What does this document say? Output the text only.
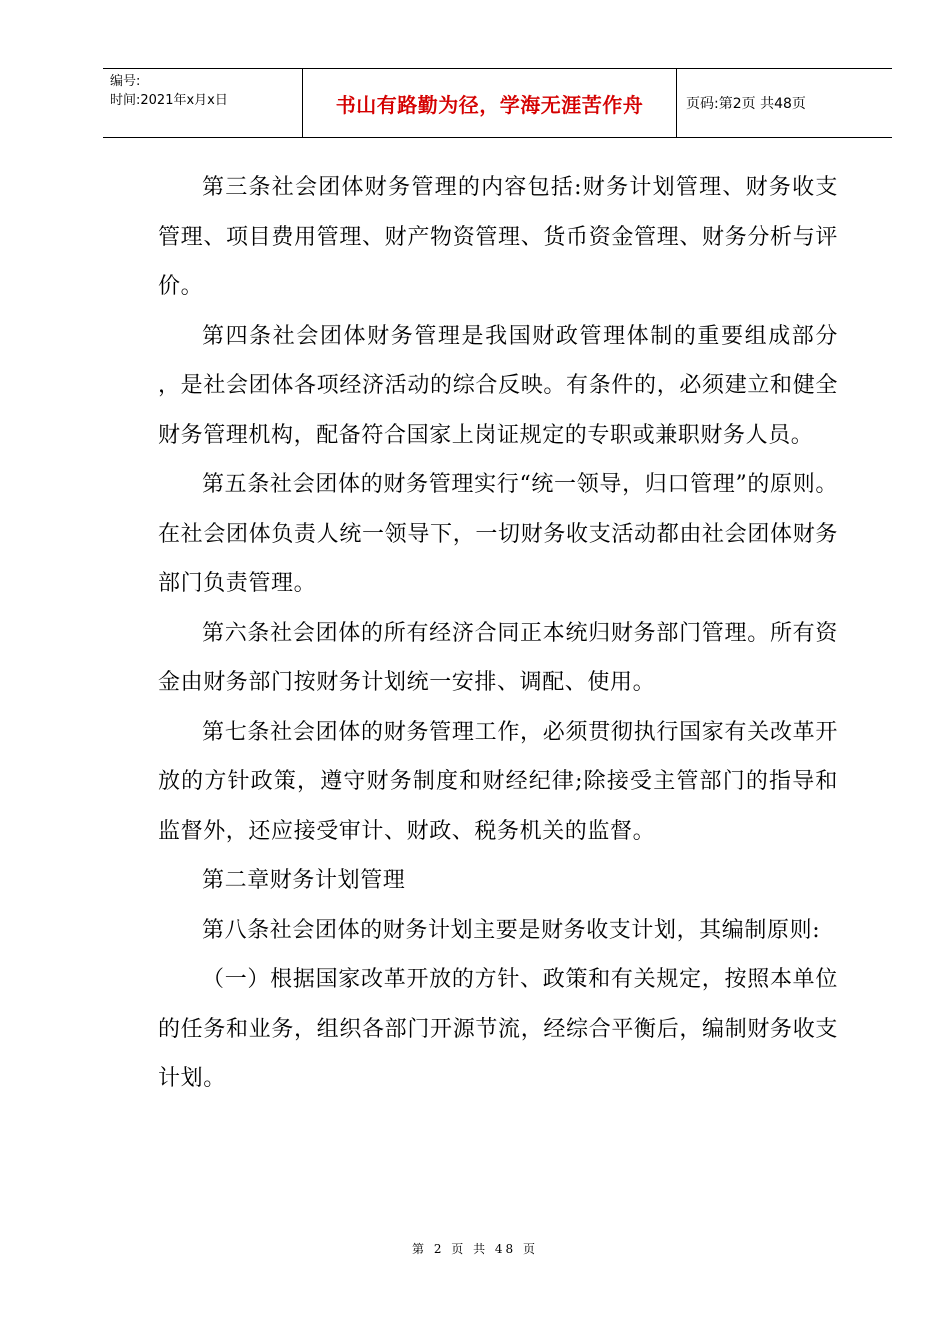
编号:
时间:2021年x月x日	书山有路勤为径，学海无涯苦作舟	页码:第2页 共48页

第三条社会团体财务管理的内容包括:财务计划管理、财务收支管理、项目费用管理、财产物资管理、货币资金管理、财务分析与评价。

第四条社会团体财务管理是我国财政管理体制的重要组成部分 ，是社会团体各项经济活动的综合反映。有条件的，必须建立和健全财务管理机构，配备符合国家上岗证规定的专职或兼职财务人员。

第五条社会团体的财务管理实行“统一领导，归口管理”的原则。在社会团体负责人统一领导下，一切财务收支活动都由社会团体财务部门负责管理。

第六条社会团体的所有经济合同正本统归财务部门管理。所有资金由财务部门按财务计划统一安排、调配、使用。

第七条社会团体的财务管理工作，必须贯彻执行国家有关改革开放的方针政策，遵守财务制度和财经纪律;除接受主管部门的指导和监督外，还应接受审计、财政、税务机关的监督。

第二章财务计划管理

第八条社会团体的财务计划主要是财务收支计划，其编制原则:

（一）根据国家改革开放的方针、政策和有关规定，按照本单位的任务和业务，组织各部门开源节流，经综合平衡后，编制财务收支计划。

第 2 页 共 48 页
